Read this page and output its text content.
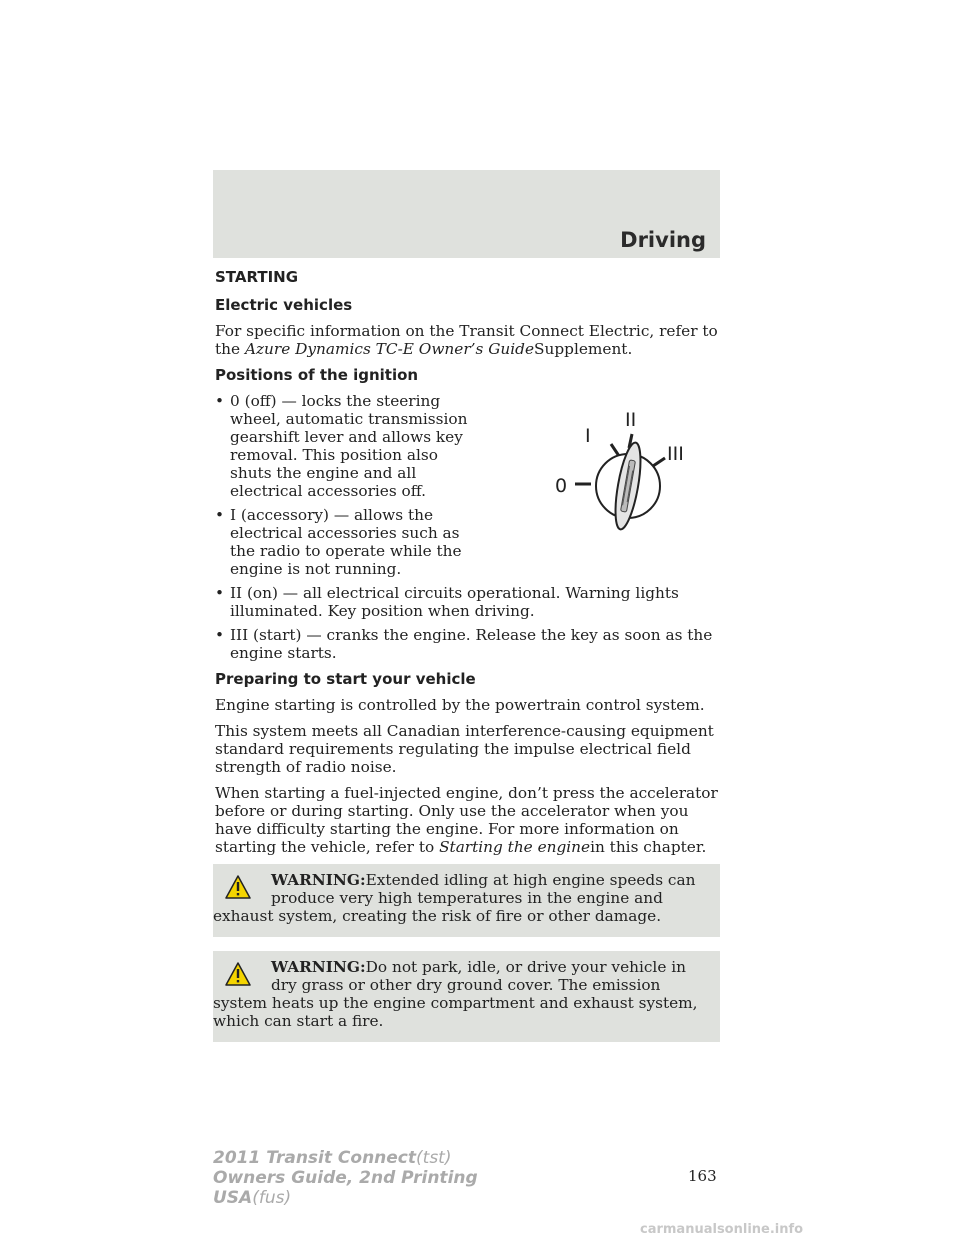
Driving
STARTING
Electric vehicles

For specific information on the Transit Connect Electric, refer to the Azure Dynamics TC-E Owner’s GuideSupplement.

Positions of the ignition
0
I
II
III
• 0 (off) — locks the steering wheel, automatic transmission gearshift lever and allows key removal. This position also shuts the engine and all electrical accessories off.
• I (accessory) — allows the electrical accessories such as the radio to operate while the engine is not running.
• II (on) — all electrical circuits operational. Warning lights illuminated. Key position when driving.
• III (start) — cranks the engine. Release the key as soon as the engine starts.
Preparing to start your vehicle

Engine starting is controlled by the powertrain control system.

This system meets all Canadian interference-causing equipment standard requirements regulating the impulse electrical field strength of radio noise.

When starting a fuel-injected engine, don’t press the accelerator before or during starting. Only use the accelerator when you have difficulty starting the engine. For more information on starting the vehicle, refer to Starting the enginein this chapter.

WARNING:Extended idling at high engine speeds can produce very high temperatures in the engine and exhaust system, creating the risk of fire or other damage.
WARNING:Do not park, idle, or drive your vehicle in dry grass or other dry ground cover. The emission system heats up the engine compartment and exhaust system, which can start a fire.
163
2011 Transit Connect(tst)
Owners Guide, 2nd Printing
USA(fus)
carmanualsonline.info
